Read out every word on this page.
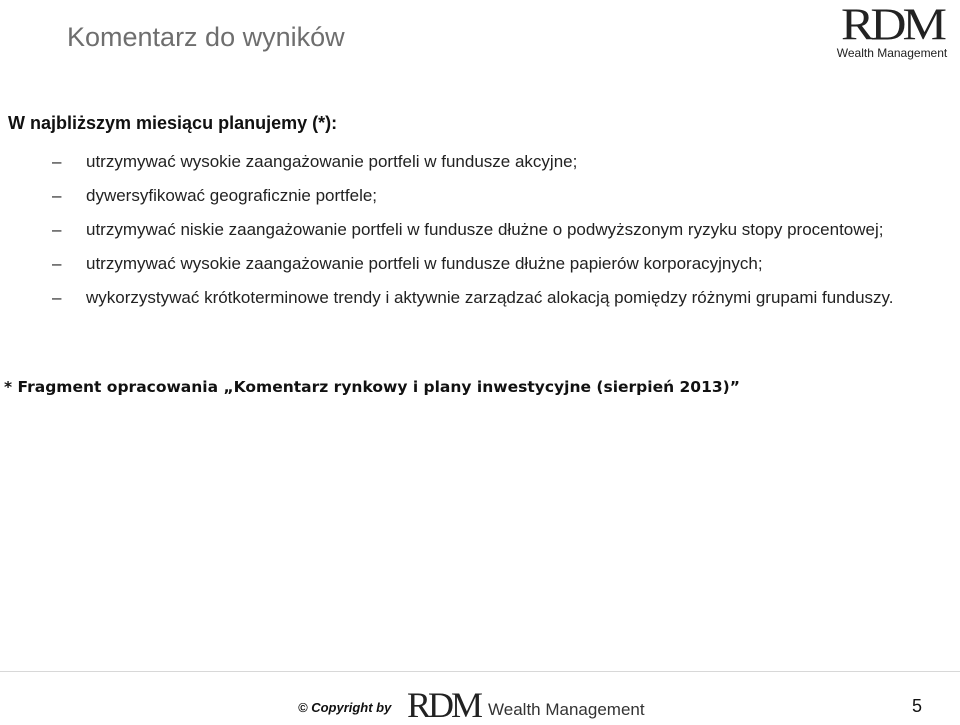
Komentarz do wyników	RDM
Wealth Management

W najbliższym miesiącu planujemy (*):

–	utrzymywać wysokie zaangażowanie portfeli w fundusze akcyjne;
–	dywersyfikować geograficznie portfele;
–	utrzymywać niskie zaangażowanie portfeli w fundusze dłużne o podwyższonym ryzyku stopy procentowej;
–	utrzymywać wysokie zaangażowanie portfeli w fundusze dłużne papierów korporacyjnych;
–	wykorzystywać krótkoterminowe trendy i aktywnie zarządzać alokacją pomiędzy różnymi grupami funduszy.

* Fragment opracowania „Komentarz rynkowy i plany inwestycyjne (sierpień 2013)”

© Copyright by RDM Wealth Management	5
